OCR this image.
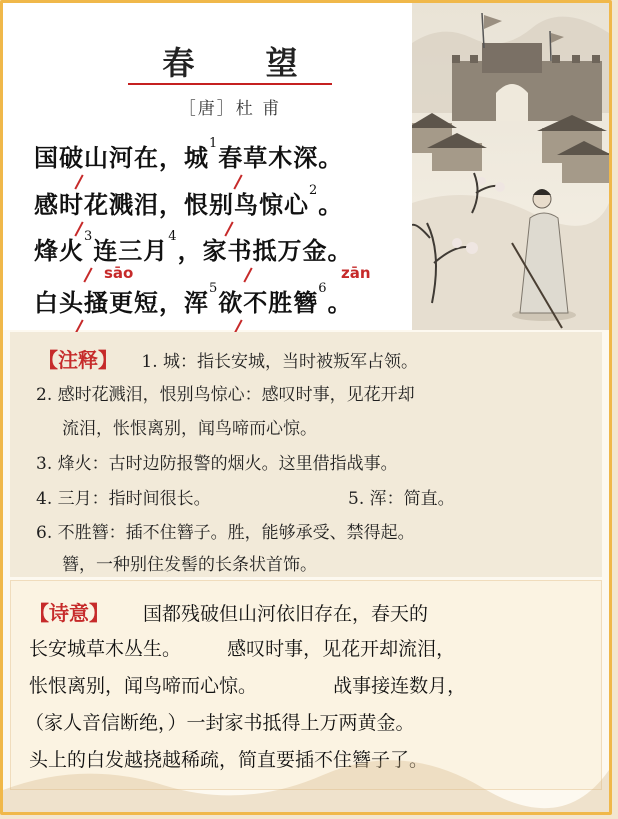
春 望
［唐］杜 甫
国破山河在，城$^1$春草木深。
感时花溅泪，恨别鸟惊心$^2$。
烽火$^3$连三月$^4$，家书抵万金。
sāo	zān
白头搔更短，浑$^5$欲不胜簪$^6$。
【注释】 1. 城：指长安城，当时被叛军占领。
2. 感时花溅泪，恨别鸟惊心：感叹时事，见花开却
流泪，怅恨离别，闻鸟啼而心惊。
3. 烽火：古时边防报警的烟火。这里借指战事。
4. 三月：指时间很长。	5. 浑：简直。
6. 不胜簪：插不住簪子。胜，能够承受、禁得起。
簪，一种别住发髻的长条状首饰。
【诗意】 国都残破但山河依旧存在，春天的
长安城草木丛生。 感叹时事，见花开却流泪，
怅恨离别，闻鸟啼而心惊。	战事接连数月，
（家人音信断绝，）一封家书抵得上万两黄金。
头上的白发越挠越稀疏，简直要插不住簪子了。
